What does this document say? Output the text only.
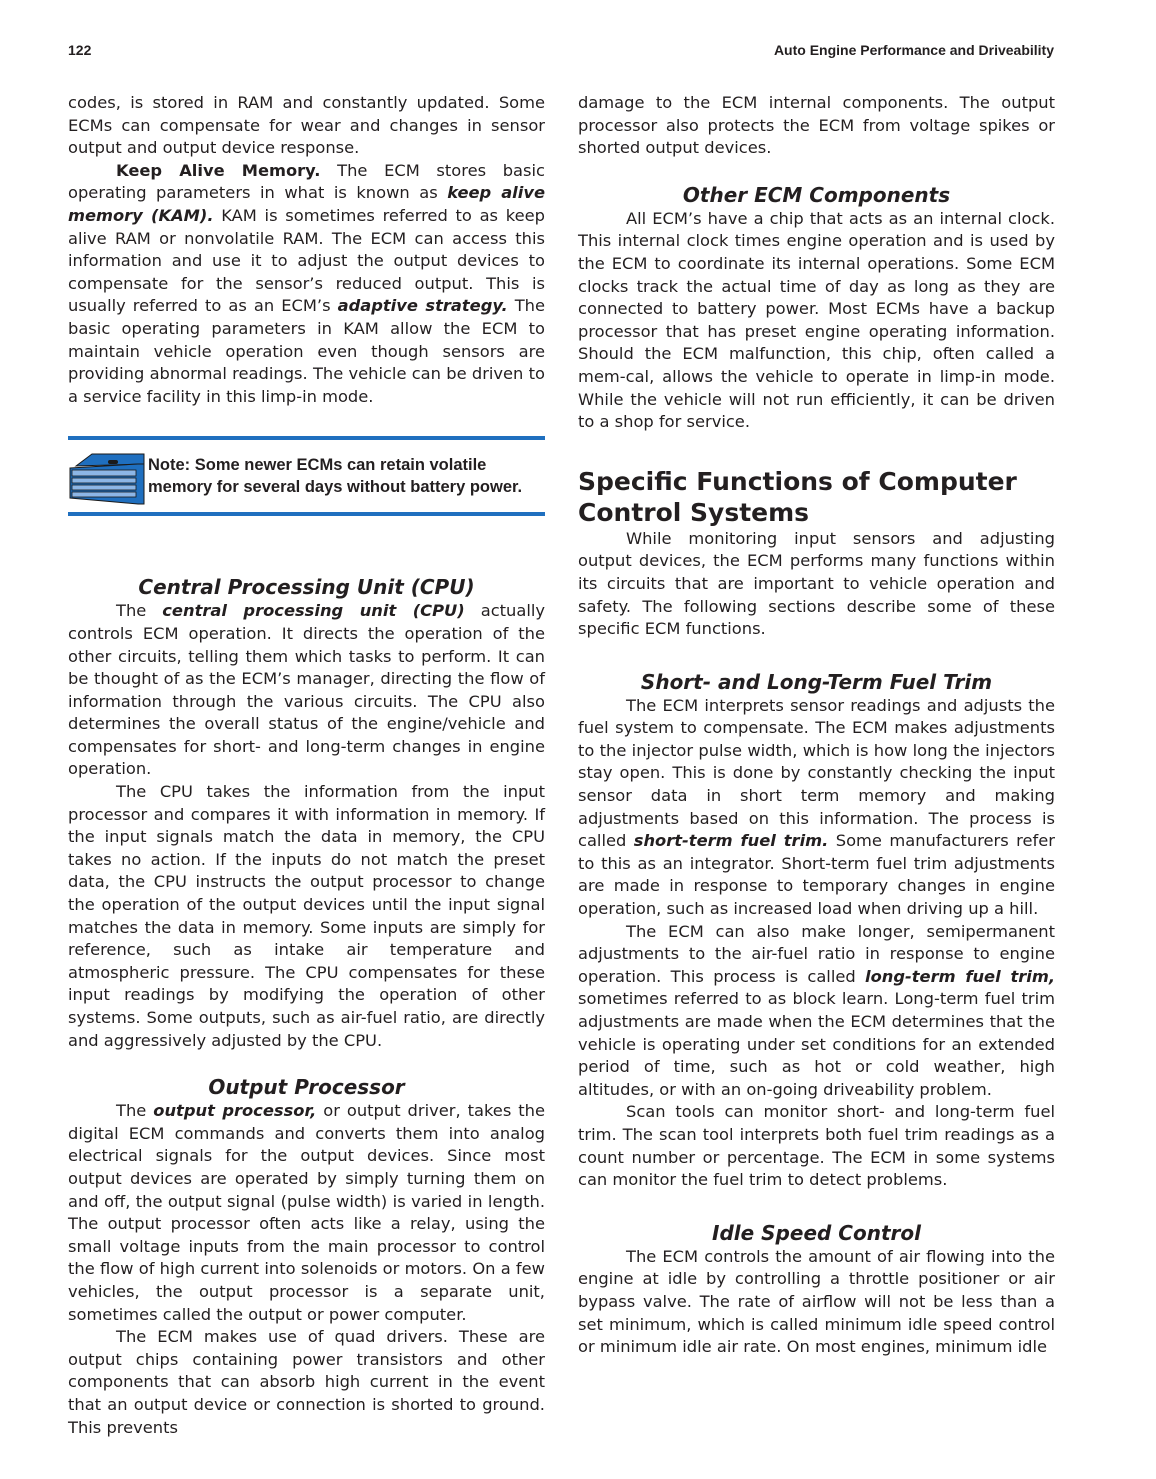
122	Auto Engine Performance and Driveability

codes, is stored in RAM and constantly updated. Some ECMs can compensate for wear and changes in sensor output and output device response.

Keep Alive Memory. The ECM stores basic operating parameters in what is known as keep alive memory (KAM). KAM is sometimes referred to as keep alive RAM or nonvolatile RAM. The ECM can access this information and use it to adjust the output devices to compensate for the sensor’s reduced output. This is usually referred to as an ECM’s adaptive strategy. The basic operating parameters in KAM allow the ECM to maintain vehicle operation even though sensors are providing abnormal readings. The vehicle can be driven to a service facility in this limp-in mode.

Note: Some newer ECMs can retain volatile memory for several days without battery power.
Central Processing Unit (CPU)

The central processing unit (CPU) actually controls ECM operation. It directs the operation of the other circuits, telling them which tasks to perform. It can be thought of as the ECM’s manager, directing the flow of information through the various circuits. The CPU also determines the overall status of the engine/vehicle and compensates for short- and long-term changes in engine operation.

The CPU takes the information from the input processor and compares it with information in memory. If the input signals match the data in memory, the CPU takes no action. If the inputs do not match the preset data, the CPU instructs the output processor to change the operation of the output devices until the input signal matches the data in memory. Some inputs are simply for reference, such as intake air temperature and atmospheric pressure. The CPU compensates for these input readings by modifying the operation of other systems. Some outputs, such as air-fuel ratio, are directly and aggressively adjusted by the CPU.

Output Processor

The output processor, or output driver, takes the digital ECM commands and converts them into analog electrical signals for the output devices. Since most output devices are operated by simply turning them on and off, the output signal (pulse width) is varied in length. The output processor often acts like a relay, using the small voltage inputs from the main processor to control the flow of high current into solenoids or motors. On a few vehicles, the output processor is a separate unit, sometimes called the output or power computer.

The ECM makes use of quad drivers. These are output chips containing power transistors and other components that can absorb high current in the event that an output device or connection is shorted to ground. This prevents

damage to the ECM internal components. The output processor also protects the ECM from voltage spikes or shorted output devices.

Other ECM Components

All ECM’s have a chip that acts as an internal clock. This internal clock times engine operation and is used by the ECM to coordinate its internal operations. Some ECM clocks track the actual time of day as long as they are connected to battery power. Most ECMs have a backup processor that has preset engine operating information. Should the ECM malfunction, this chip, often called a mem-cal, allows the vehicle to operate in limp-in mode. While the vehicle will not run efficiently, it can be driven to a shop for service.

Specific Functions of Computer Control Systems

While monitoring input sensors and adjusting output devices, the ECM performs many functions within its circuits that are important to vehicle operation and safety. The following sections describe some of these specific ECM functions.

Short- and Long-Term Fuel Trim

The ECM interprets sensor readings and adjusts the fuel system to compensate. The ECM makes adjustments to the injector pulse width, which is how long the injectors stay open. This is done by constantly checking the input sensor data in short term memory and making adjustments based on this information. The process is called short-term fuel trim. Some manufacturers refer to this as an integrator. Short-term fuel trim adjustments are made in response to temporary changes in engine operation, such as increased load when driving up a hill.

The ECM can also make longer, semipermanent adjustments to the air-fuel ratio in response to engine operation. This process is called long-term fuel trim, sometimes referred to as block learn. Long-term fuel trim adjustments are made when the ECM determines that the vehicle is operating under set conditions for an extended period of time, such as hot or cold weather, high altitudes, or with an on-going driveability problem.

Scan tools can monitor short- and long-term fuel trim. The scan tool interprets both fuel trim readings as a count number or percentage. The ECM in some systems can monitor the fuel trim to detect problems.

Idle Speed Control

The ECM controls the amount of air flowing into the engine at idle by controlling a throttle positioner or air bypass valve. The rate of airflow will not be less than a set minimum, which is called minimum idle speed control or minimum idle air rate. On most engines, minimum idle
